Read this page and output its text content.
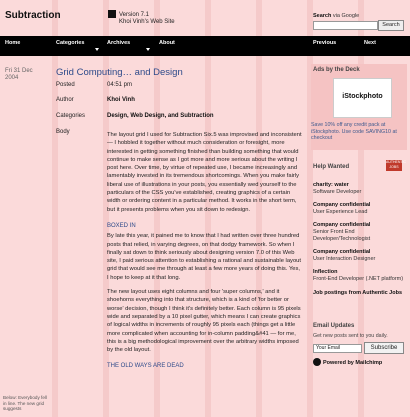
Subtraction	Version 7.1
Khoi Vinh's Web Site
Search via Google
Search
Home	Categories	Archives	About	Previous	Next
Fri 31 Dec
2004	Grid Computing… and Design
Posted	04:51 pm
Author	Khoi Vinh
Categories	Design, Web Design, and Subtraction
Body	The layout grid I used for Subtraction Six.5 was improvised and inconsistent — I hobbled it together without much consideration or foresight, more interested in getting something finished than building something that would continue to make sense as I got more and more serious about the writing I post here. Over time, by virtue of repeated use, I became increasingly and lamentably invested in its tremendous shortcomings. When you make fairly liberal use of illustrations in your posts, you essentially wed yourself to the particulars of the CSS you've established, creating graphics of a certain width or ordering content in a particular method. It works in the short term, but it presents problems when you sit down to redesign.

BOXED IN

By late this year, it pained me to know that I had written over three hundred posts that relied, in varying degrees, on that dodgy framework. So when I finally sat down to think seriously about designing version 7.0 of this Web site, I paid serious attention to establishing a rational and sustainable layout grid that would see me through at least a few more years of doing this. Yes, I hope to keep at it that long.

The new layout uses eight columns and four 'super columns,' and it shoehorns everything into that structure, which is a kind of 'for better or worse' decision, though I think it's definitely better. Each column is 95 pixels wide and separated by a 10 pixel gutter, which means I can create graphics of logical widths in increments of roughly 95 pixels each (things get a little more complicated when accounting for in-column padding&#41 — for me, this is a big methodological improvement over the arbitrary widths imposed by the old layout.

THE OLD WAYS ARE DEAD
Ads by the Deck
iStockphoto
Save 10% off any credit pack at iStockphoto. Use code SAVING10 at checkout
Help Wanted
AUTHENTIC JOBS
charity: water
Software Developer
Company confidential
User Experience Lead
Company confidential
Senior Front End Developer/Technologist
Company confidential
User Interaction Designer
Inflection
Front-End Developer (.NET platform)
Job postings from Authentic Jobs
Email Updates
Get new posts sent to you daily.
Your Email	Subscribe
Powered by Mailchimp
Below: Everybody fell in line. The new grid suggests
